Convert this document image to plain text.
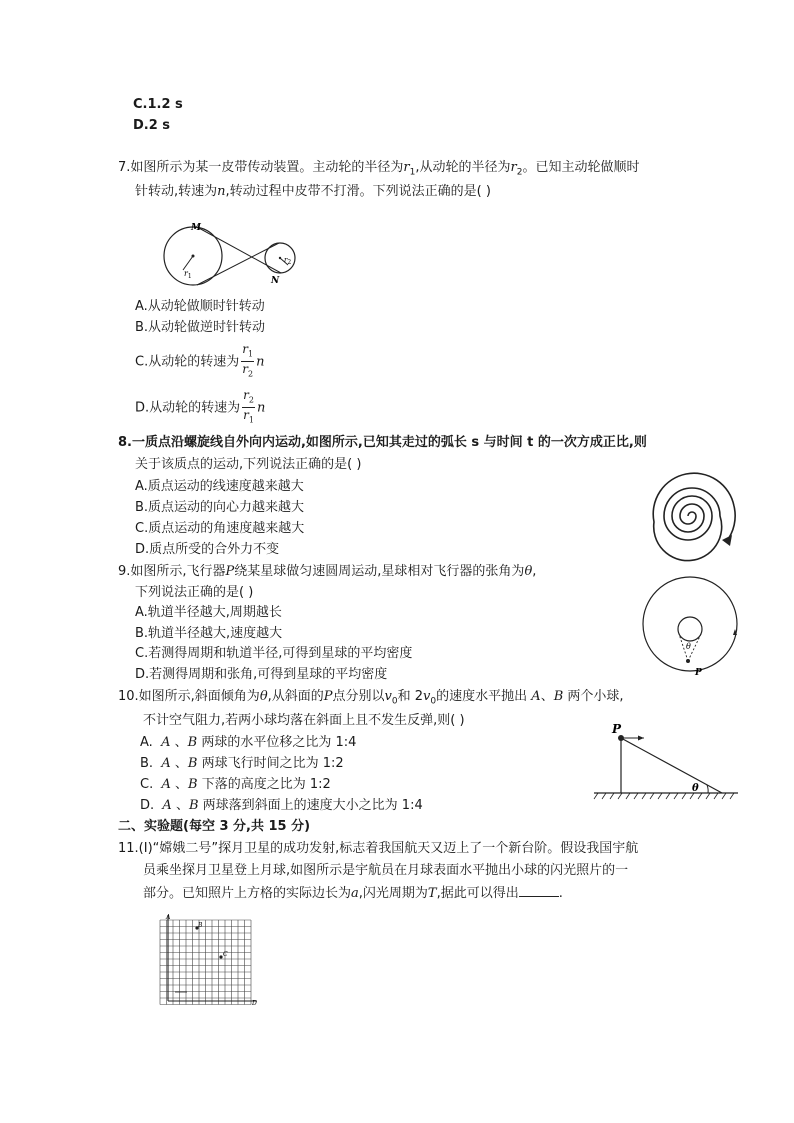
C.1.2 s
D.2 s
7.如图所示为某一皮带传动装置。主动轮的半径为$r_1$,从动轮的半径为$r_2$。已知主动轮做顺时
针转动,转速为n,转动过程中皮带不打滑。下列说法正确的是( )
M
N
$r_1$
r2
A.从动轮做顺时针转动
B.从动轮做逆时针转动
C.从动轮的转速为 $\frac{r_1}{r_2}$ n
D.从动轮的转速为 $\frac{r_2}{r_1}$ n
8.一质点沿螺旋线自外向内运动,如图所示,已知其走过的弧长 s 与时间 t 的一次方成正比,则
关于该质点的运动,下列说法正确的是( )
A.质点运动的线速度越来越大
B.质点运动的向心力越来越大
C.质点运动的角速度越来越大
D.质点所受的合外力不变
9.如图所示,飞行器P绕某星球做匀速圆周运动,星球相对飞行器的张角为θ,
下列说法正确的是( )
A.轨道半径越大,周期越长
B.轨道半径越大,速度越大
C.若测得周期和轨道半径,可得到星球的平均密度
D.若测得周期和张角,可得到星球的平均密度
θ
P
10.如图所示,斜面倾角为θ,从斜面的P点分别以$v_0$和 $2v_0$的速度水平抛出 A、B 两个小球,
不计空气阻力,若两小球均落在斜面上且不发生反弹,则( )
A. A 、B 两球的水平位移之比为 1:4
B. A 、B 两球飞行时间之比为 1:2
C. A 、B 下落的高度之比为 1:2
D. A 、B 两球落到斜面上的速度大小之比为 1:4
P
θ
二、实验题(每空 3 分,共 15 分)
11.(I)“嫦娥二号”探月卫星的成功发射,标志着我国航天又迈上了一个新台阶。假设我国宇航
员乘坐探月卫星登上月球,如图所示是宇航员在月球表面水平抛出小球的闪光照片的一
部分。已知照片上方格的实际边长为a,闪光周期为T,据此可以得出	.
A
B
C
D
